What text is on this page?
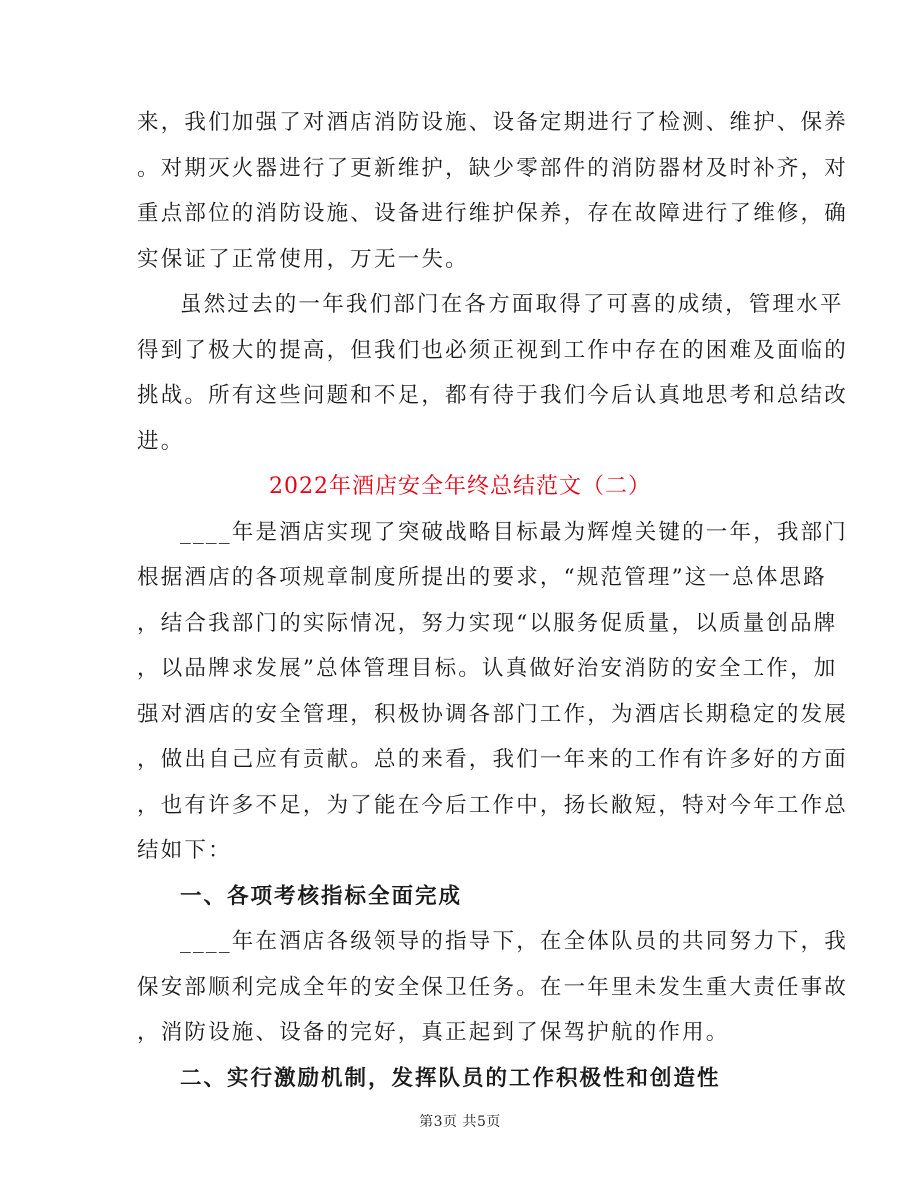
来，我们加强了对酒店消防设施、设备定期进行了检测、维护、保养
。对期灭火器进行了更新维护，缺少零部件的消防器材及时补齐，对
重点部位的消防设施、设备进行维护保养，存在故障进行了维修，确
实保证了正常使用，万无一失。
虽然过去的一年我们部门在各方面取得了可喜的成绩，管理水平
得到了极大的提高，但我们也必须正视到工作中存在的困难及面临的
挑战。所有这些问题和不足，都有待于我们今后认真地思考和总结改
进。
2022年酒店安全年终总结范文（二）
____年是酒店实现了突破战略目标最为辉煌关键的一年，我部门
根据酒店的各项规章制度所提出的要求，“规范管理”这一总体思路
，结合我部门的实际情况，努力实现“以服务促质量，以质量创品牌
，以品牌求发展”总体管理目标。认真做好治安消防的安全工作，加
强对酒店的安全管理，积极协调各部门工作，为酒店长期稳定的发展
，做出自己应有贡献。总的来看，我们一年来的工作有许多好的方面
，也有许多不足，为了能在今后工作中，扬长敝短，特对今年工作总
结如下：
一、各项考核指标全面完成
____年在酒店各级领导的指导下，在全体队员的共同努力下，我
保安部顺利完成全年的安全保卫任务。在一年里未发生重大责任事故
，消防设施、设备的完好，真正起到了保驾护航的作用。
二、实行激励机制，发挥队员的工作积极性和创造性
第3页 共5页
